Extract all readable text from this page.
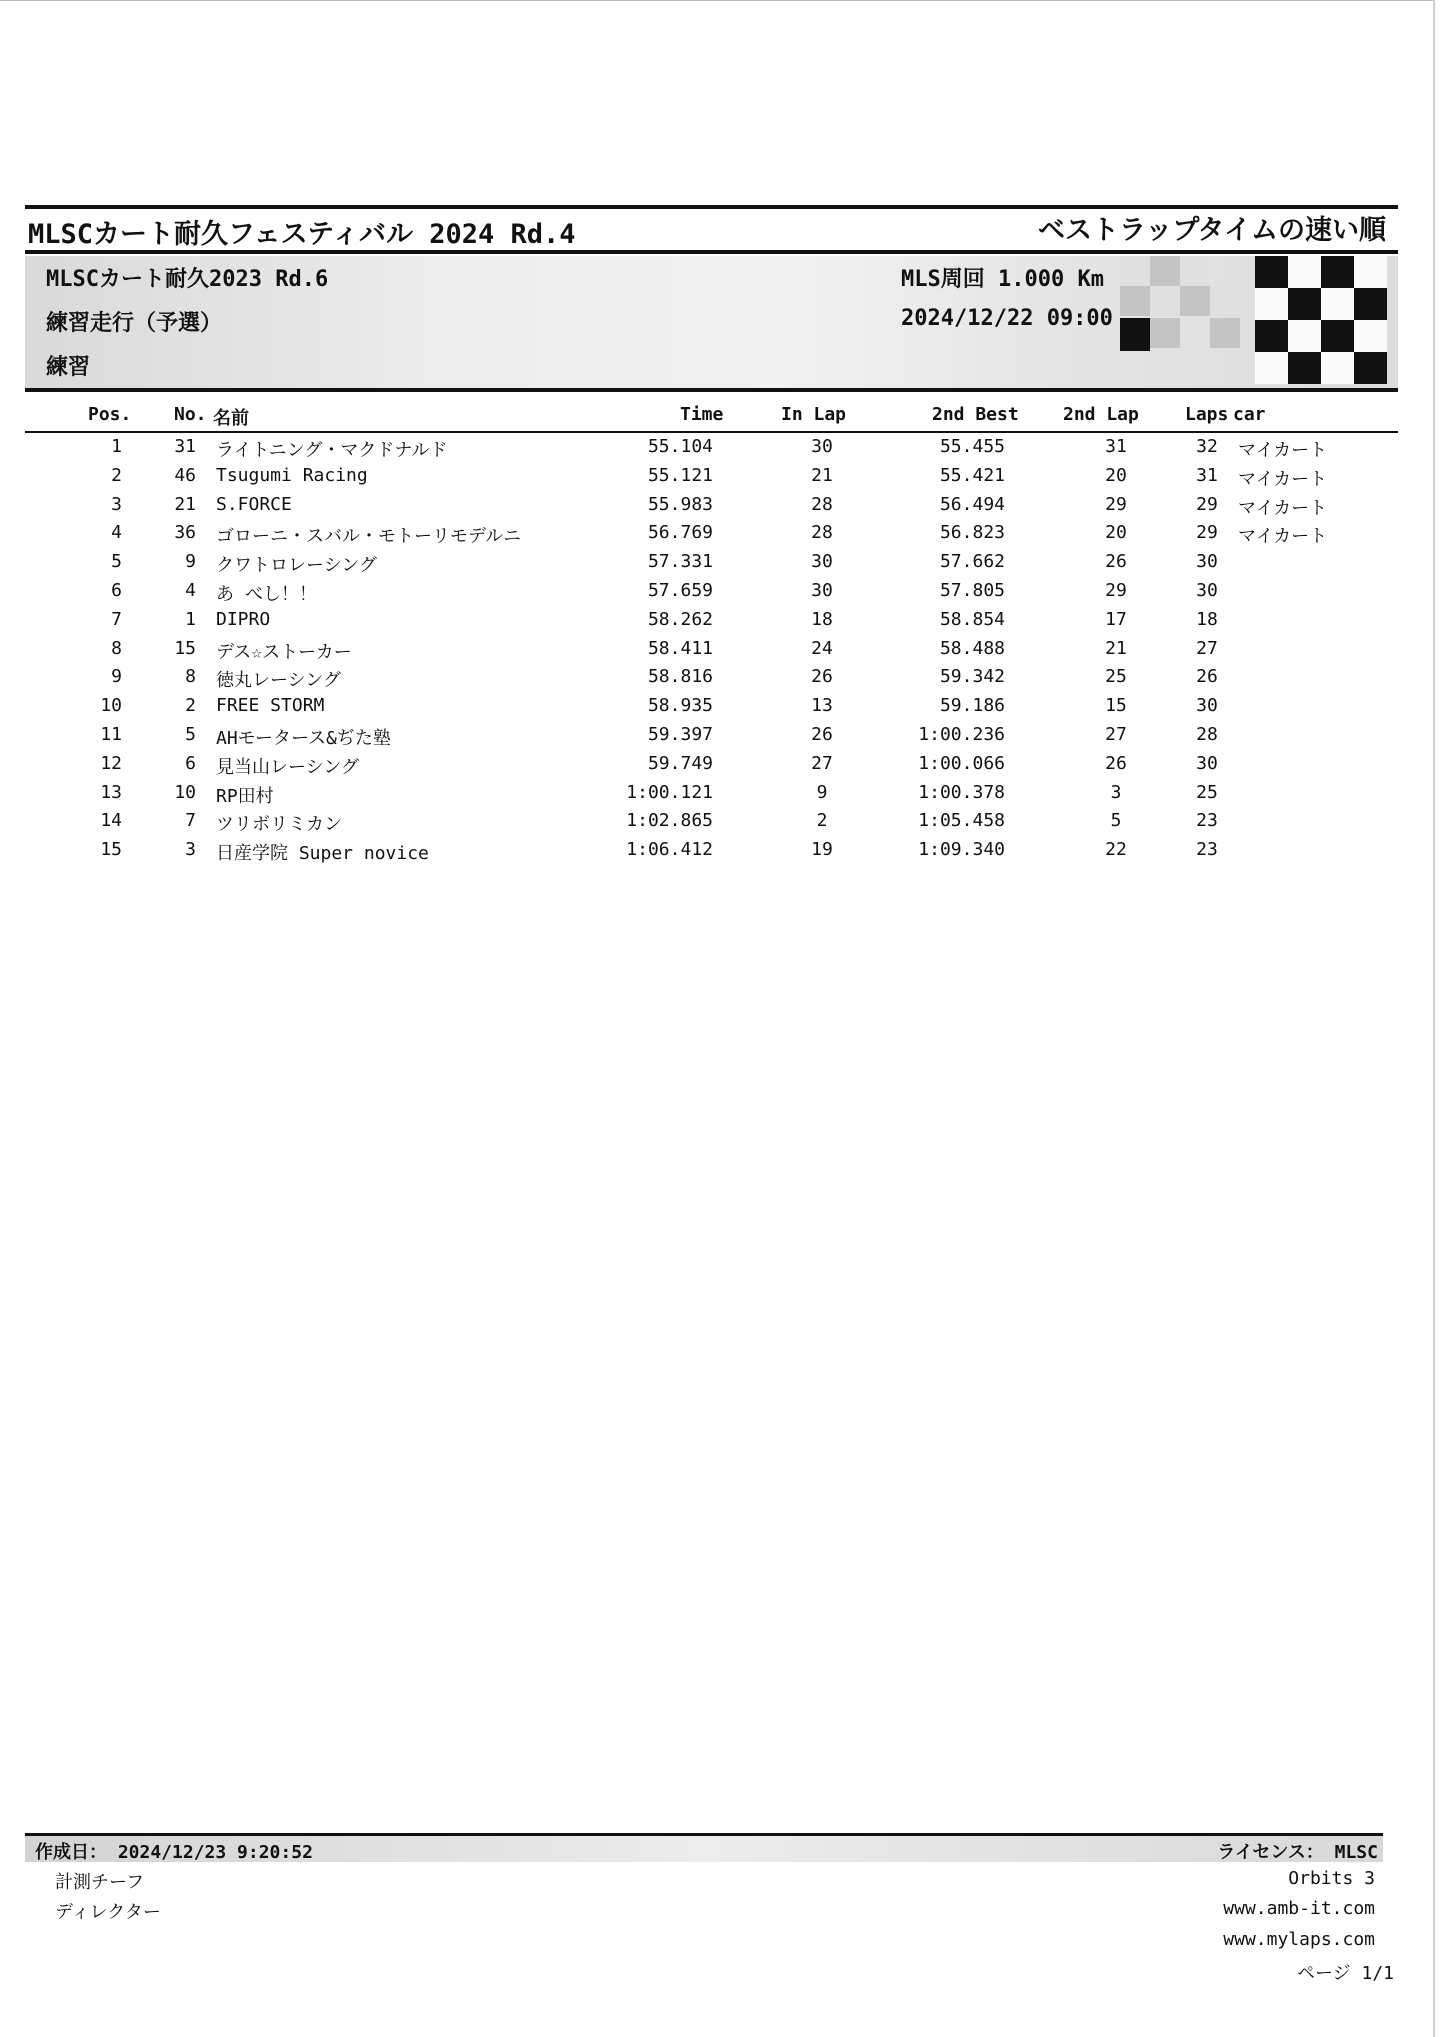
MLSCカート耐久フェスティバル 2024 Rd.4	ベストラップタイムの速い順
MLSCカート耐久2023 Rd.6
練習走行（予選）
練習
MLS周回 1.000 Km
2024/12/22 09:00
Pos. No. 名前	Time	In Lap	2nd Best 2nd Lap	Laps car
1	31 ライトニング・マクドナルド	55.104	30	55.455	31	32	マイカート
2	46 Tsugumi Racing	55.121	21	55.421	20	31	マイカート
3	21 S.FORCE	55.983	28	56.494	29	29	マイカート
4	36 ゴローニ・スバル・モトーリモデルニ	56.769	28	56.823	20	29	マイカート
5	9 クワトロレーシング	57.331	30	57.662	26	30
6	4 あ べし！！	57.659	30	57.805	29	30
7	1 DIPRO	58.262	18	58.854	17	18
8	15 デス☆ストーカー	58.411	24	58.488	21	27
9	8 徳丸レーシング	58.816	26	59.342	25	26
10	2 FREE STORM	58.935	13	59.186	15	30
11	5 AHモータース&ぢた塾	59.397	26	1:00.236	27	28
12	6 見当山レーシング	59.749	27	1:00.066	26	30
13	10 RP田村	1:00.121	9	1:00.378	3	25
14	7 ツリボリミカン	1:02.865	2	1:05.458	5	23
15	3 日産学院 Super novice	1:06.412	19	1:09.340	22	23
作成日： 2024/12/23 9:20:52	ライセンス： MLSC
計測チーフ
ディレクター
Orbits 3
www.amb-it.com
www.mylaps.com
ページ 1/1
